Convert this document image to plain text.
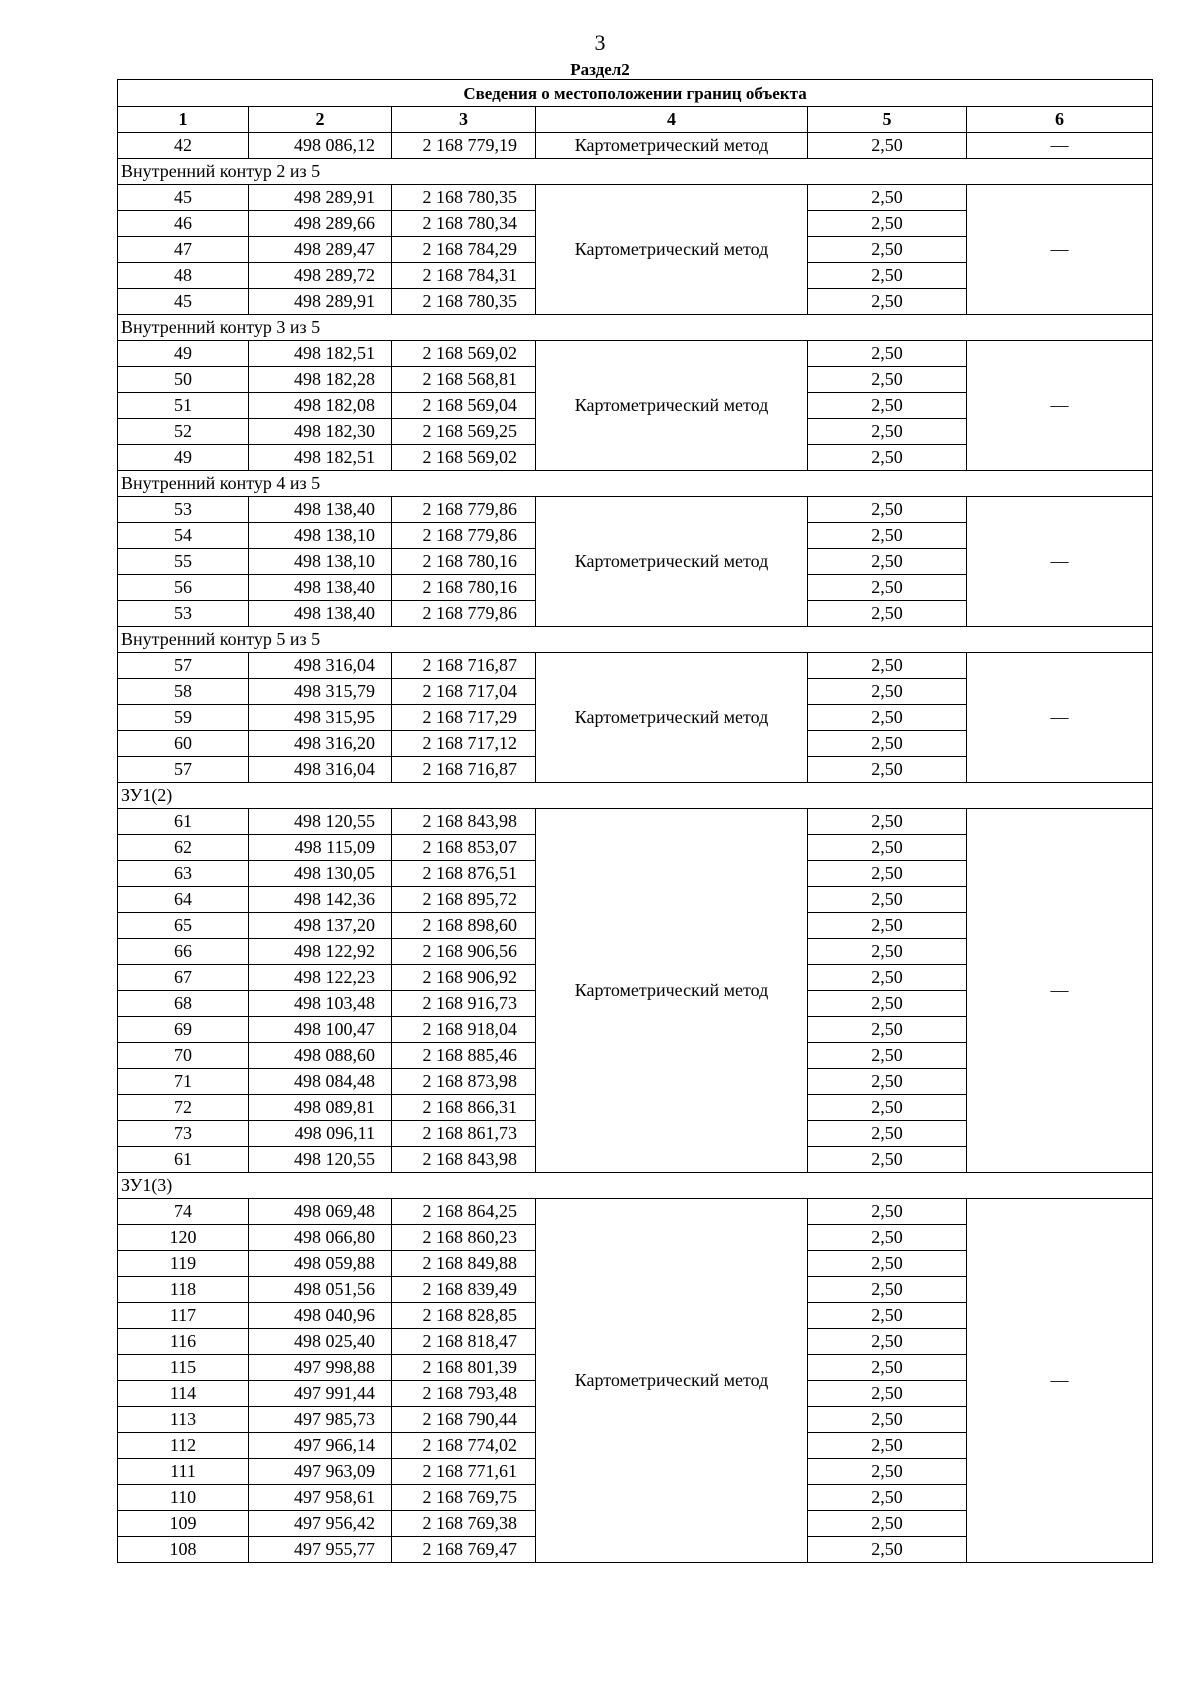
3
Раздел2
Сведения о местоположении границ объекта					
1	2	3	4	5	6
42	498 086,12	2 168 779,19	Картометрический метод	2,50	—
Внутренний контур 2 из 5					
45	498 289,91	2 168 780,35	Картометрический метод	2,50	—
46	498 289,66	2 168 780,34		2,50	
47	498 289,47	2 168 784,29		2,50	
48	498 289,72	2 168 784,31		2,50	
45	498 289,91	2 168 780,35		2,50	
Внутренний контур 3 из 5					
49	498 182,51	2 168 569,02	Картометрический метод	2,50	—
50	498 182,28	2 168 568,81		2,50	
51	498 182,08	2 168 569,04		2,50	
52	498 182,30	2 168 569,25		2,50	
49	498 182,51	2 168 569,02		2,50	
Внутренний контур 4 из 5					
53	498 138,40	2 168 779,86	Картометрический метод	2,50	—
54	498 138,10	2 168 779,86		2,50	
55	498 138,10	2 168 780,16		2,50	
56	498 138,40	2 168 780,16		2,50	
53	498 138,40	2 168 779,86		2,50	
Внутренний контур 5 из 5					
57	498 316,04	2 168 716,87	Картометрический метод	2,50	—
58	498 315,79	2 168 717,04		2,50	
59	498 315,95	2 168 717,29		2,50	
60	498 316,20	2 168 717,12		2,50	
57	498 316,04	2 168 716,87		2,50	
ЗУ1(2)					
61	498 120,55	2 168 843,98	Картометрический метод	2,50	—
62	498 115,09	2 168 853,07		2,50	
63	498 130,05	2 168 876,51		2,50	
64	498 142,36	2 168 895,72		2,50	
65	498 137,20	2 168 898,60		2,50	
66	498 122,92	2 168 906,56		2,50	
67	498 122,23	2 168 906,92		2,50	
68	498 103,48	2 168 916,73		2,50	
69	498 100,47	2 168 918,04		2,50	
70	498 088,60	2 168 885,46		2,50	
71	498 084,48	2 168 873,98		2,50	
72	498 089,81	2 168 866,31		2,50	
73	498 096,11	2 168 861,73		2,50	
61	498 120,55	2 168 843,98		2,50	
ЗУ1(3)					
74	498 069,48	2 168 864,25	Картометрический метод	2,50	—
120	498 066,80	2 168 860,23		2,50	
119	498 059,88	2 168 849,88		2,50	
118	498 051,56	2 168 839,49		2,50	
117	498 040,96	2 168 828,85		2,50	
116	498 025,40	2 168 818,47		2,50	
115	497 998,88	2 168 801,39		2,50	
114	497 991,44	2 168 793,48		2,50	
113	497 985,73	2 168 790,44		2,50	
112	497 966,14	2 168 774,02		2,50	
111	497 963,09	2 168 771,61		2,50	
110	497 958,61	2 168 769,75		2,50	
109	497 956,42	2 168 769,38		2,50	
108	497 955,77	2 168 769,47		2,50	
